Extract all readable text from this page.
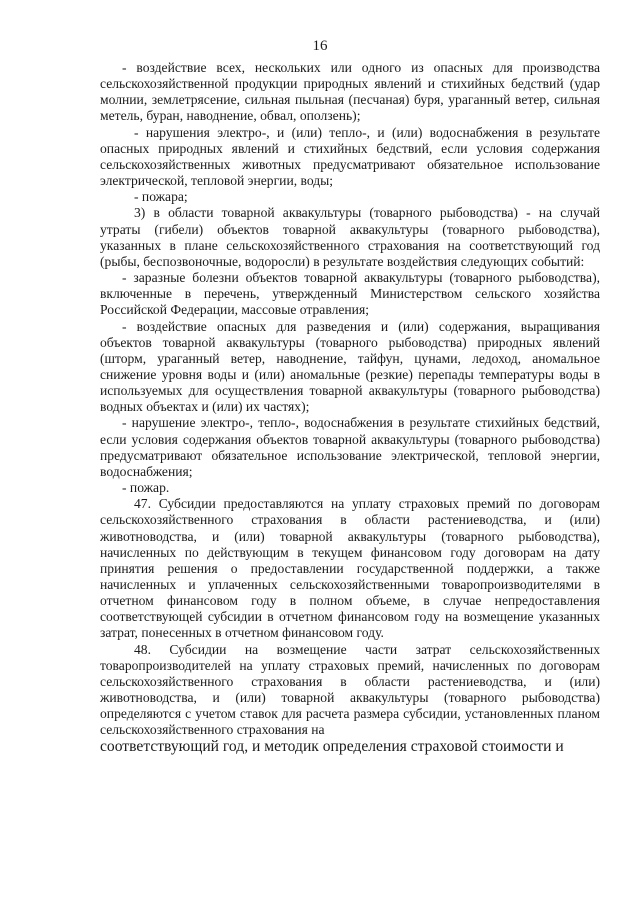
16

- воздействие всех, нескольких или одного из опасных для производства сельскохозяйственной продукции природных явлений и стихийных бедствий (удар молнии, землетрясение, сильная пыльная (песчаная) буря, ураганный ветер, сильная метель, буран, наводнение, обвал, оползень);

- нарушения электро-, и (или) тепло-, и (или) водоснабжения в результате опасных природных явлений и стихийных бедствий, если условия содержания сельскохозяйственных животных предусматривают обязательное использование электрической, тепловой энергии, воды;

- пожара;

3) в области товарной аквакультуры (товарного рыбоводства) - на случай утраты (гибели) объектов товарной аквакультуры (товарного рыбоводства), указанных в плане сельскохозяйственного страхования на соответствующий год (рыбы, беспозвоночные, водоросли) в результате воздействия следующих событий:

- заразные болезни объектов товарной аквакультуры (товарного рыбоводства), включенные в перечень, утвержденный Министерством сельского хозяйства Российской Федерации, массовые отравления;

- воздействие опасных для разведения и (или) содержания, выращивания объектов товарной аквакультуры (товарного рыбоводства) природных явлений (шторм, ураганный ветер, наводнение, тайфун, цунами, ледоход, аномальное снижение уровня воды и (или) аномальные (резкие) перепады температуры воды в используемых для осуществления товарной аквакультуры (товарного рыбоводства) водных объектах и (или) их частях);

- нарушение электро-, тепло-, водоснабжения в результате стихийных бедствий, если условия содержания объектов товарной аквакультуры (товарного рыбоводства) предусматривают обязательное использование электрической, тепловой энергии, водоснабжения;

- пожар.

47. Субсидии предоставляются на уплату страховых премий по договорам сельскохозяйственного страхования в области растениеводства, и (или) животноводства, и (или) товарной аквакультуры (товарного рыбоводства), начисленных по действующим в текущем финансовом году договорам на дату принятия решения о предоставлении государственной поддержки, а также начисленных и уплаченных сельскохозяйственными товаропроизводителями в отчетном финансовом году в полном объеме, в случае непредоставления соответствующей субсидии в отчетном финансовом году на возмещение указанных затрат, понесенных в отчетном финансовом году.

48. Субсидии на возмещение части затрат сельскохозяйственных товаропроизводителей на уплату страховых премий, начисленных по договорам сельскохозяйственного страхования в области растениеводства, и (или) животноводства, и (или) товарной аквакультуры (товарного рыбоводства) определяются с учетом ставок для расчета размера субсидии, установленных планом сельскохозяйственного страхования на

соответствующий год, и методик определения страховой стоимости и
